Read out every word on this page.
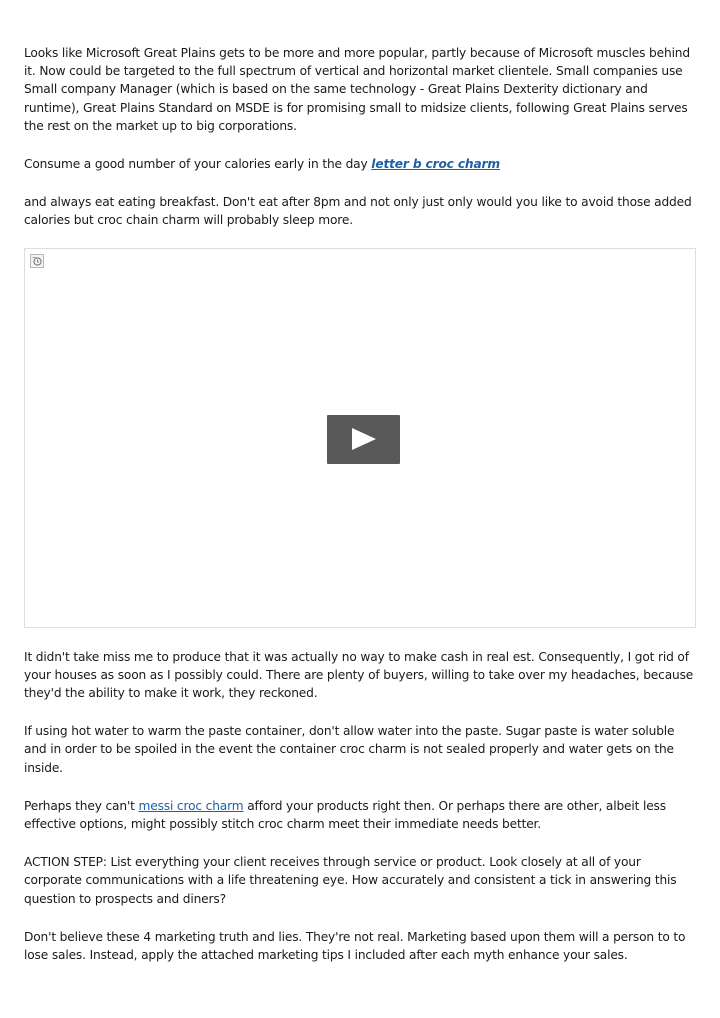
Looks like Microsoft Great Plains gets to be more and more popular, partly because of Microsoft muscles behind it. Now could be targeted to the full spectrum of vertical and horizontal market clientele. Small companies use Small company Manager (which is based on the same technology - Great Plains Dexterity dictionary and runtime), Great Plains Standard on MSDE is for promising small to midsize clients, following Great Plains serves the rest on the market up to big corporations.

Consume a good number of your calories early in the day letter b croc charm

and always eat eating breakfast. Don't eat after 8pm and not only just only would you like to avoid those added calories but croc chain charm will probably sleep more.

It didn't take miss me to produce that it was actually no way to make cash in real est. Consequently, I got rid of your houses as soon as I possibly could. There are plenty of buyers, willing to take over my headaches, because they'd the ability to make it work, they reckoned.

If using hot water to warm the paste container, don't allow water into the paste. Sugar paste is water soluble and in order to be spoiled in the event the container croc charm is not sealed properly and water gets on the inside.

Perhaps they can't messi croc charm afford your products right then. Or perhaps there are other, albeit less effective options, might possibly stitch croc charm meet their immediate needs better.

ACTION STEP: List everything your client receives through service or product. Look closely at all of your corporate communications with a life threatening eye. How accurately and consistent a tick in answering this question to prospects and diners?

Don't believe these 4 marketing truth and lies. They're not real. Marketing based upon them will a person to to lose sales. Instead, apply the attached marketing tips I included after each myth enhance your sales.
